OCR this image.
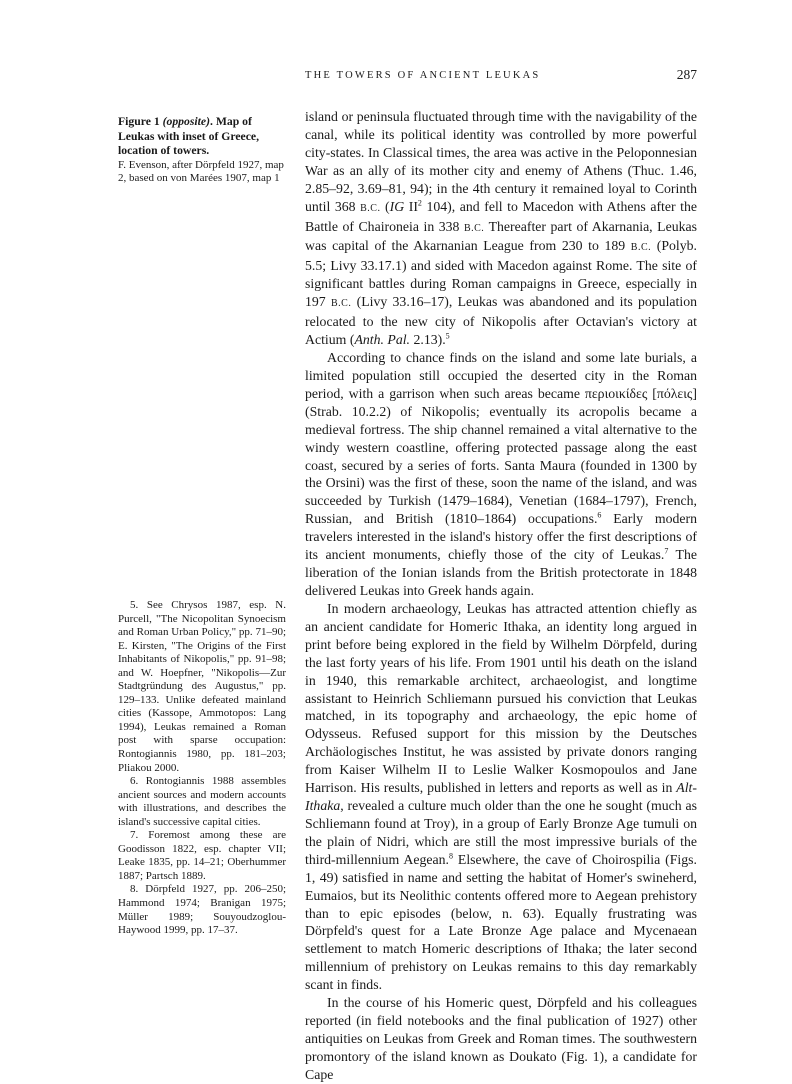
THE TOWERS OF ANCIENT LEUKAS	287
Figure 1 (opposite). Map of Leukas with inset of Greece, location of towers.
F. Evenson, after Dörpfeld 1927, map 2, based on von Marées 1907, map 1

island or peninsula fluctuated through time with the navigability of the canal, while its political identity was controlled by more powerful city-states. In Classical times, the area was active in the Peloponnesian War as an ally of its mother city and enemy of Athens (Thuc. 1.46, 2.85–92, 3.69–81, 94); in the 4th century it remained loyal to Corinth until 368 B.C. (IG $II^2$ 104), and fell to Macedon with Athens after the Battle of Chaironeia in 338 B.C. Thereafter part of Akarnania, Leukas was capital of the Akarnanian League from 230 to 189 B.C. (Polyb. 5.5; Livy 33.17.1) and sided with Macedon against Rome. The site of significant battles during Roman campaigns in Greece, especially in 197 B.C. (Livy 33.16–17), Leukas was abandoned and its population relocated to the new city of Nikopolis after Octavian's victory at Actium (Anth. Pal. 2.13).$^5$

According to chance finds on the island and some late burials, a limited population still occupied the deserted city in the Roman period, with a garrison when such areas became περιοικίδες [πόλεις] (Strab. 10.2.2) of Nikopolis; eventually its acropolis became a medieval fortress. The ship channel remained a vital alternative to the windy western coastline, offering protected passage along the east coast, secured by a series of forts. Santa Maura (founded in 1300 by the Orsini) was the first of these, soon the name of the island, and was succeeded by Turkish (1479–1684), Venetian (1684–1797), French, Russian, and British (1810–1864) occupations.$^6$ Early modern travelers interested in the island's history offer the first descriptions of its ancient monuments, chiefly those of the city of Leukas.$^7$ The liberation of the Ionian islands from the British protectorate in 1848 delivered Leukas into Greek hands again.

In modern archaeology, Leukas has attracted attention chiefly as an ancient candidate for Homeric Ithaka, an identity long argued in print before being explored in the field by Wilhelm Dörpfeld, during the last forty years of his life. From 1901 until his death on the island in 1940, this remarkable architect, archaeologist, and longtime assistant to Heinrich Schliemann pursued his conviction that Leukas matched, in its topography and archaeology, the epic home of Odysseus. Refused support for this mission by the Deutsches Archäologisches Institut, he was assisted by private donors ranging from Kaiser Wilhelm II to Leslie Walker Kosmopoulos and Jane Harrison. His results, published in letters and reports as well as in Alt-Ithaka, revealed a culture much older than the one he sought (much as Schliemann found at Troy), in a group of Early Bronze Age tumuli on the plain of Nidri, which are still the most impressive burials of the third-millennium Aegean.$^8$ Elsewhere, the cave of Choirospilia (Figs. 1, 49) satisfied in name and setting the habitat of Homer's swineherd, Eumaios, but its Neolithic contents offered more to Aegean prehistory than to epic episodes (below, n. 63). Equally frustrating was Dörpfeld's quest for a Late Bronze Age palace and Mycenaean settlement to match Homeric descriptions of Ithaka; the later second millennium of prehistory on Leukas remains to this day remarkably scant in finds.

In the course of his Homeric quest, Dörpfeld and his colleagues reported (in field notebooks and the final publication of 1927) other antiquities on Leukas from Greek and Roman times. The southwestern promontory of the island known as Doukato (Fig. 1), a candidate for Cape

5. See Chrysos 1987, esp. N. Purcell, "The Nicopolitan Synoecism and Roman Urban Policy," pp. 71–90; E. Kirsten, "The Origins of the First Inhabitants of Nikopolis," pp. 91–98; and W. Hoepfner, "Nikopolis—Zur Stadtgründung des Augustus," pp. 129–133. Unlike defeated mainland cities (Kassope, Ammotopos: Lang 1994), Leukas remained a Roman post with sparse occupation: Rontogiannis 1980, pp. 181–203; Pliakou 2000.

6. Rontogiannis 1988 assembles ancient sources and modern accounts with illustrations, and describes the island's successive capital cities.

7. Foremost among these are Goodisson 1822, esp. chapter VII; Leake 1835, pp. 14–21; Oberhummer 1887; Partsch 1889.

8. Dörpfeld 1927, pp. 206–250; Hammond 1974; Branigan 1975; Müller 1989; Souyoudzoglou-Haywood 1999, pp. 17–37.
